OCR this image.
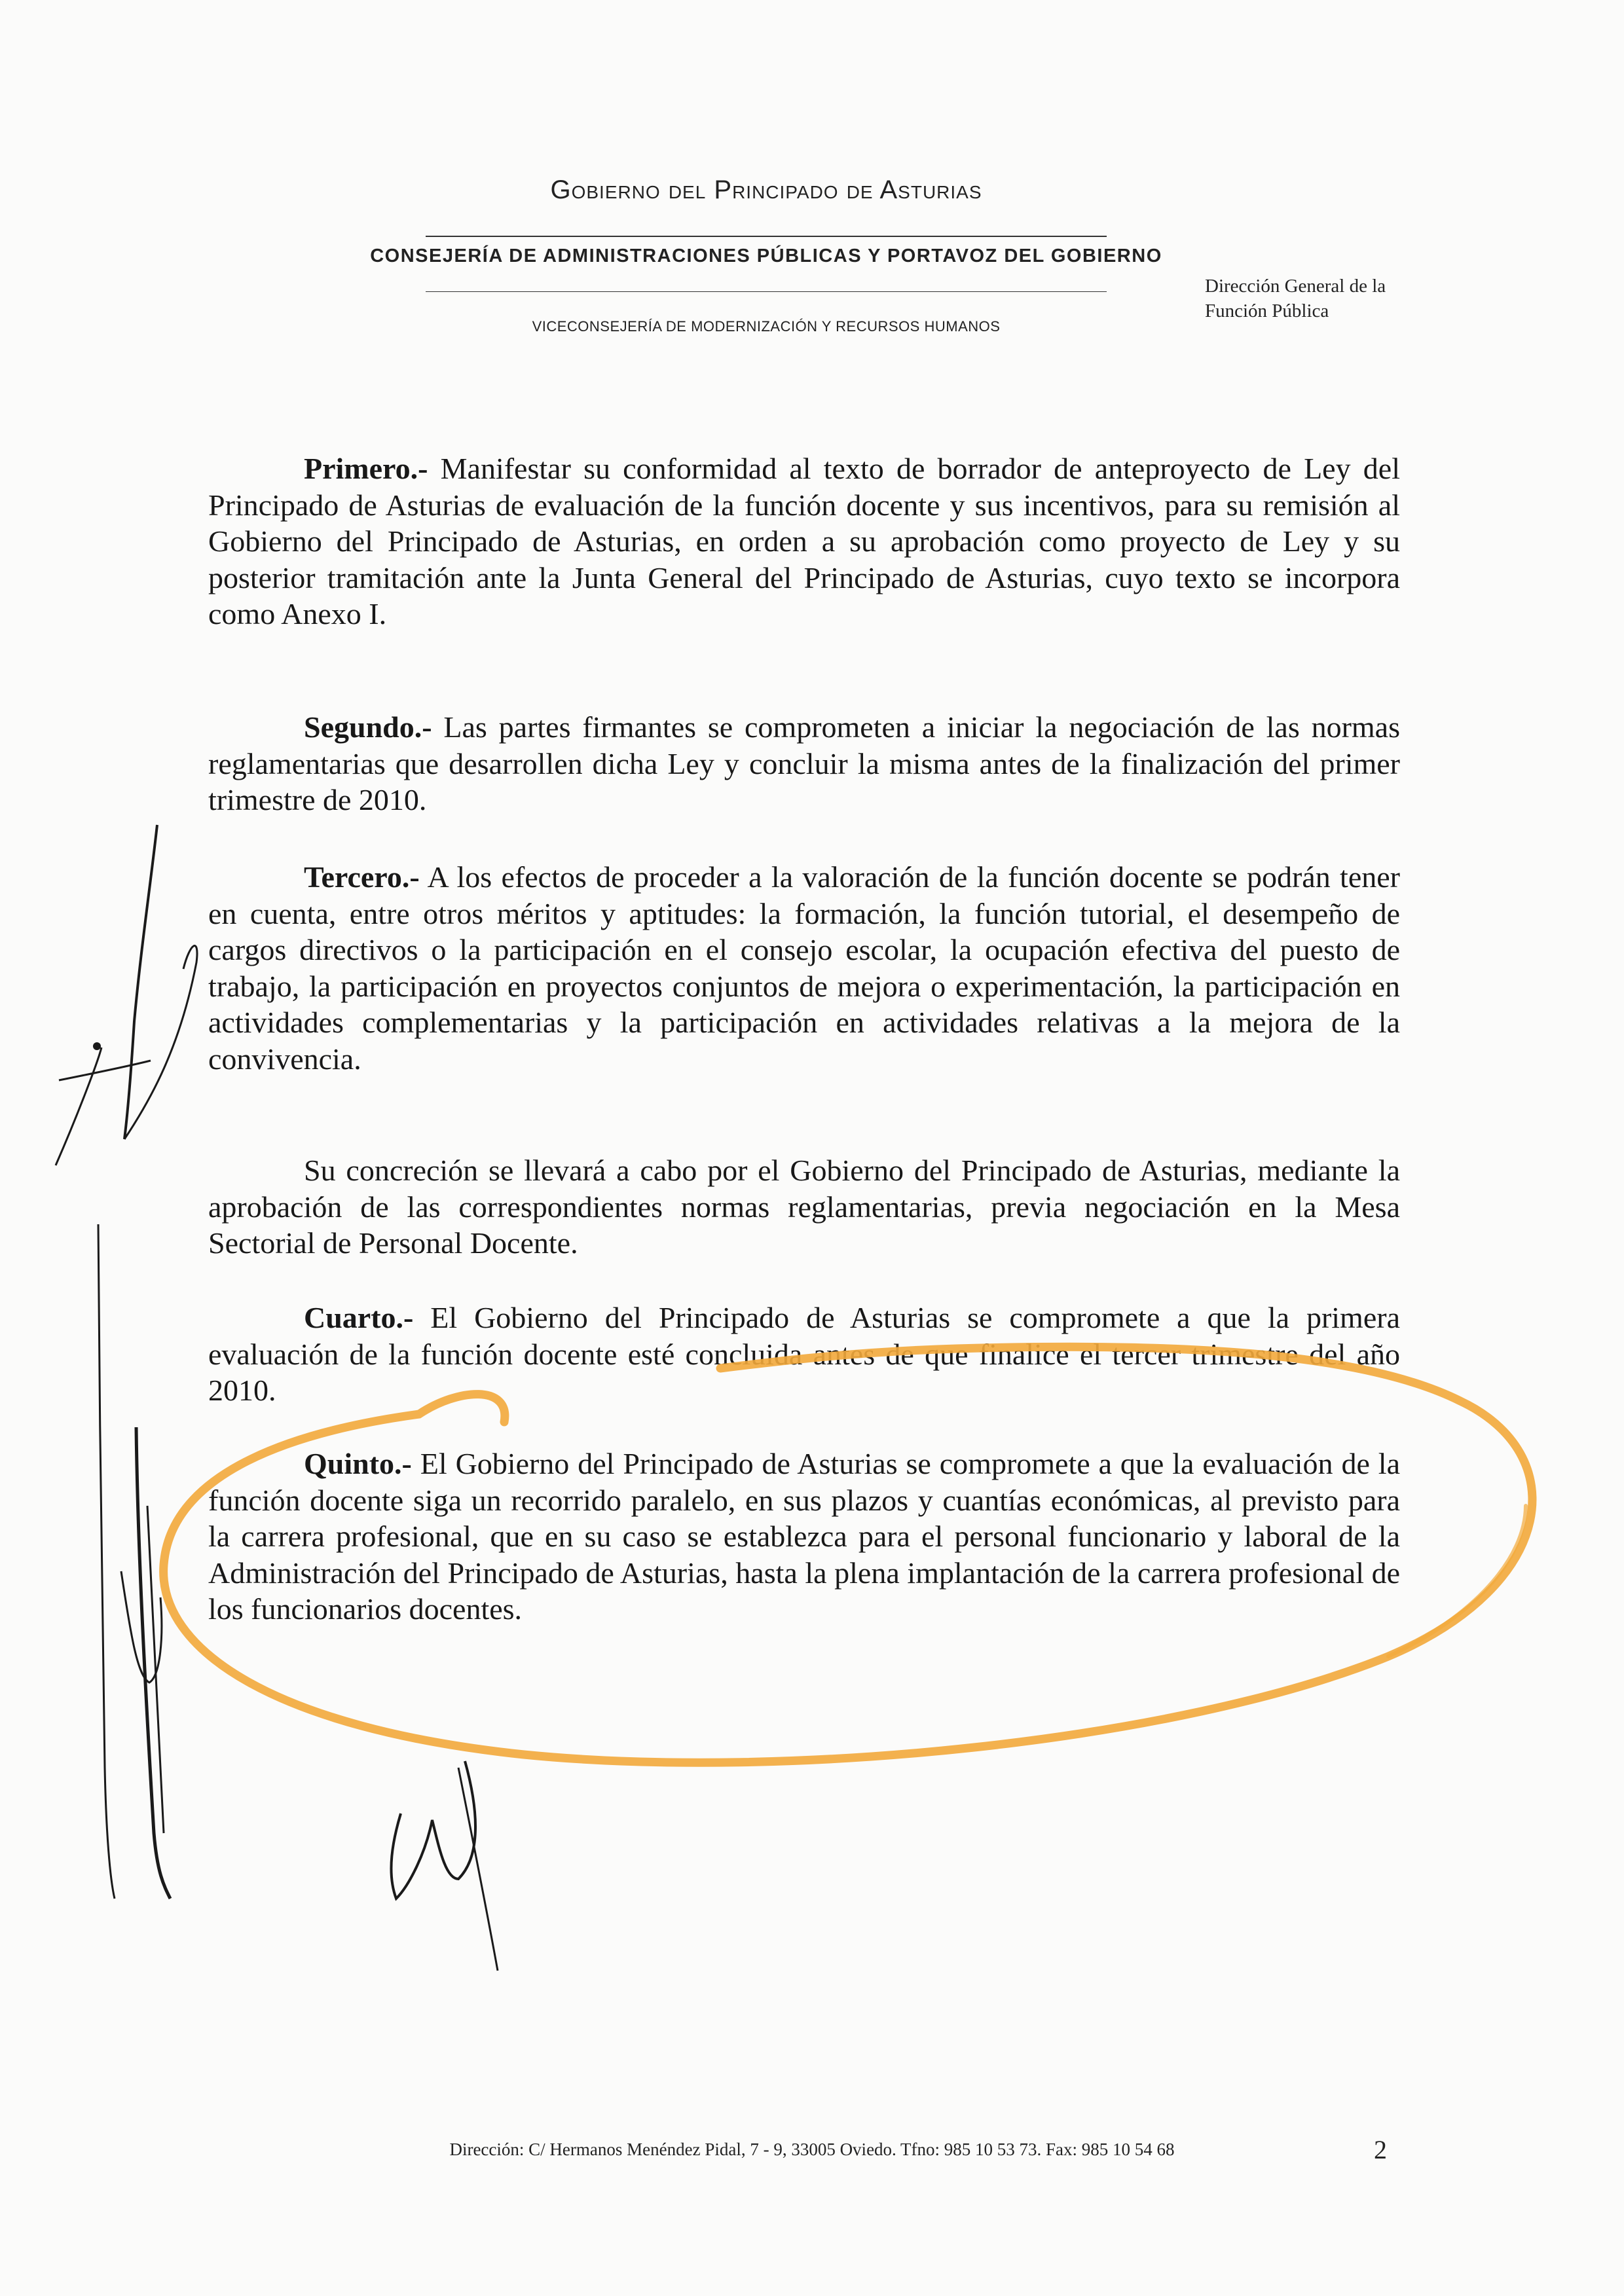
Gobierno del Principado de Asturias
CONSEJERÍA DE ADMINISTRACIONES PÚBLICAS Y PORTAVOZ DEL GOBIERNO
VICECONSEJERÍA DE MODERNIZACIÓN Y RECURSOS HUMANOS
Dirección General de la
Función Pública
Primero.- Manifestar su conformidad al texto de borrador de anteproyecto de Ley del Principado de Asturias de evaluación de la función docente y sus incentivos, para su remisión al Gobierno del Principado de Asturias, en orden a su aprobación como proyecto de Ley y su posterior tramitación ante la Junta General del Principado de Asturias, cuyo texto se incorpora como Anexo I.
Segundo.- Las partes firmantes se comprometen a iniciar la negociación de las normas reglamentarias que desarrollen dicha Ley y concluir la misma antes de la finalización del primer trimestre de 2010.
Tercero.- A los efectos de proceder a la valoración de la función docente se podrán tener en cuenta, entre otros méritos y aptitudes: la formación, la función tutorial, el desempeño de cargos directivos o la participación en el consejo escolar, la ocupación efectiva del puesto de trabajo, la participación en proyectos conjuntos de mejora o experimentación, la participación en actividades complementarias y la participación en actividades relativas a la mejora de la convivencia.
Su concreción se llevará a cabo por el Gobierno del Principado de Asturias, mediante la aprobación de las correspondientes normas reglamentarias, previa negociación en la Mesa Sectorial de Personal Docente.
Cuarto.- El Gobierno del Principado de Asturias se compromete a que la primera evaluación de la función docente esté concluida antes de que finalice el tercer trimestre del año 2010.
Quinto.- El Gobierno del Principado de Asturias se compromete a que la evaluación de la función docente siga un recorrido paralelo, en sus plazos y cuantías económicas, al previsto para la carrera profesional, que en su caso se establezca para el personal funcionario y laboral de la Administración del Principado de Asturias, hasta la plena implantación de la carrera profesional de los funcionarios docentes.
Dirección: C/ Hermanos Menéndez Pidal, 7 - 9, 33005 Oviedo. Tfno: 985 10 53 73. Fax: 985 10 54 68	2
